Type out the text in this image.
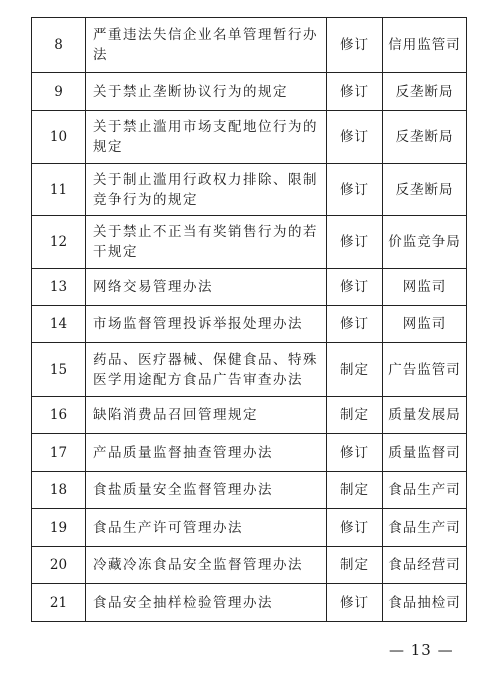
8	严重违法失信企业名单管理暂行办法	修订	信用监管司
9	关于禁止垄断协议行为的规定	修订	反垄断局
10	关于禁止滥用市场支配地位行为的规定	修订	反垄断局
11	关于制止滥用行政权力排除、限制竞争行为的规定	修订	反垄断局
12	关于禁止不正当有奖销售行为的若干规定	修订	价监竞争局
13	网络交易管理办法	修订	网监司
14	市场监督管理投诉举报处理办法	修订	网监司
15	药品、医疗器械、保健食品、特殊医学用途配方食品广告审查办法	制定	广告监管司
16	缺陷消费品召回管理规定	制定	质量发展局
17	产品质量监督抽查管理办法	修订	质量监督司
18	食盐质量安全监督管理办法	制定	食品生产司
19	食品生产许可管理办法	修订	食品生产司
20	冷藏冷冻食品安全监督管理办法	制定	食品经营司
21	食品安全抽样检验管理办法	修订	食品抽检司
— 13 —
